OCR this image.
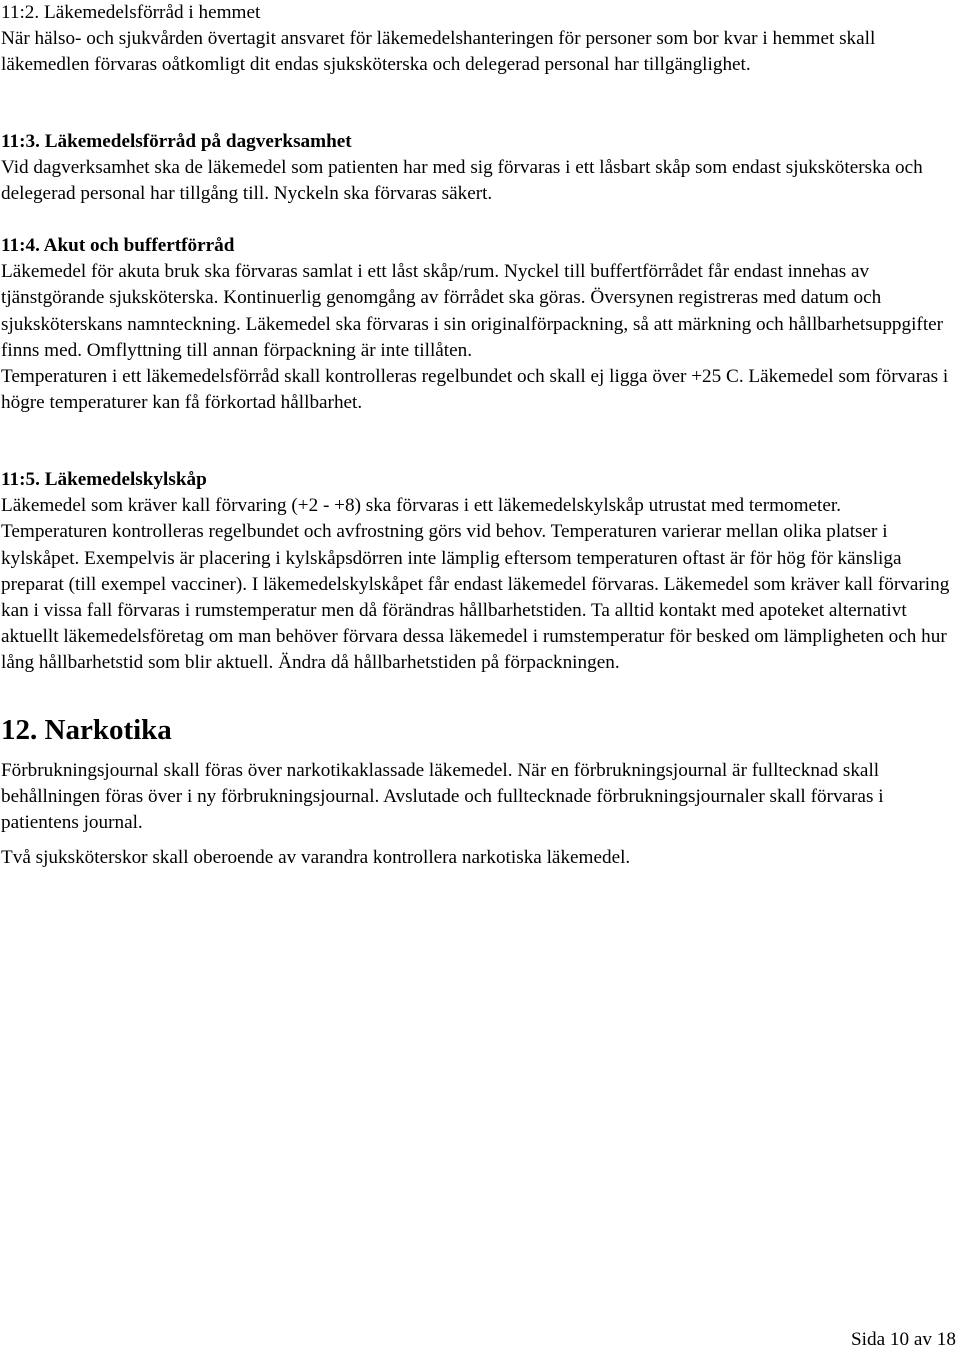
11:2. Läkemedelsförråd i hemmet

När hälso- och sjukvården övertagit ansvaret för läkemedelshanteringen för personer som bor kvar i hemmet skall läkemedlen förvaras oåtkomligt dit endas sjuksköterska och delegerad personal har tillgänglighet.

11:3. Läkemedelsförråd på dagverksamhet

Vid dagverksamhet ska de läkemedel som patienten har med sig förvaras i ett låsbart skåp som endast sjuksköterska och delegerad personal har tillgång till. Nyckeln ska förvaras säkert.

11:4. Akut och buffertförråd

Läkemedel för akuta bruk ska förvaras samlat i ett låst skåp/rum. Nyckel till buffertförrådet får endast innehas av tjänstgörande sjuksköterska. Kontinuerlig genomgång av förrådet ska göras. Översynen registreras med datum och sjuksköterskans namnteckning. Läkemedel ska förvaras i sin originalförpackning, så att märkning och hållbarhetsuppgifter finns med. Omflyttning till annan förpackning är inte tillåten.

Temperaturen i ett läkemedelsförråd skall kontrolleras regelbundet och skall ej ligga över +25 C. Läkemedel som förvaras i högre temperaturer kan få förkortad hållbarhet.

11:5. Läkemedelskylskåp

Läkemedel som kräver kall förvaring (+2 - +8) ska förvaras i ett läkemedelskylskåp utrustat med termometer. Temperaturen kontrolleras regelbundet och avfrostning görs vid behov. Temperaturen varierar mellan olika platser i kylskåpet. Exempelvis är placering i kylskåpsdörren inte lämplig eftersom temperaturen oftast är för hög för känsliga preparat (till exempel vacciner). I läkemedelskylskåpet får endast läkemedel förvaras. Läkemedel som kräver kall förvaring kan i vissa fall förvaras i rumstemperatur men då förändras hållbarhetstiden. Ta alltid kontakt med apoteket alternativt aktuellt läkemedelsföretag om man behöver förvara dessa läkemedel i rumstemperatur för besked om lämpligheten och hur lång hållbarhetstid som blir aktuell. Ändra då hållbarhetstiden på förpackningen.

12. Narkotika

Förbrukningsjournal skall föras över narkotikaklassade läkemedel. När en förbrukningsjournal är fulltecknad skall behållningen föras över i ny förbrukningsjournal. Avslutade och fulltecknade förbrukningsjournaler skall förvaras i patientens journal.

Två sjuksköterskor skall oberoende av varandra kontrollera narkotiska läkemedel.

Sida 10 av 18
